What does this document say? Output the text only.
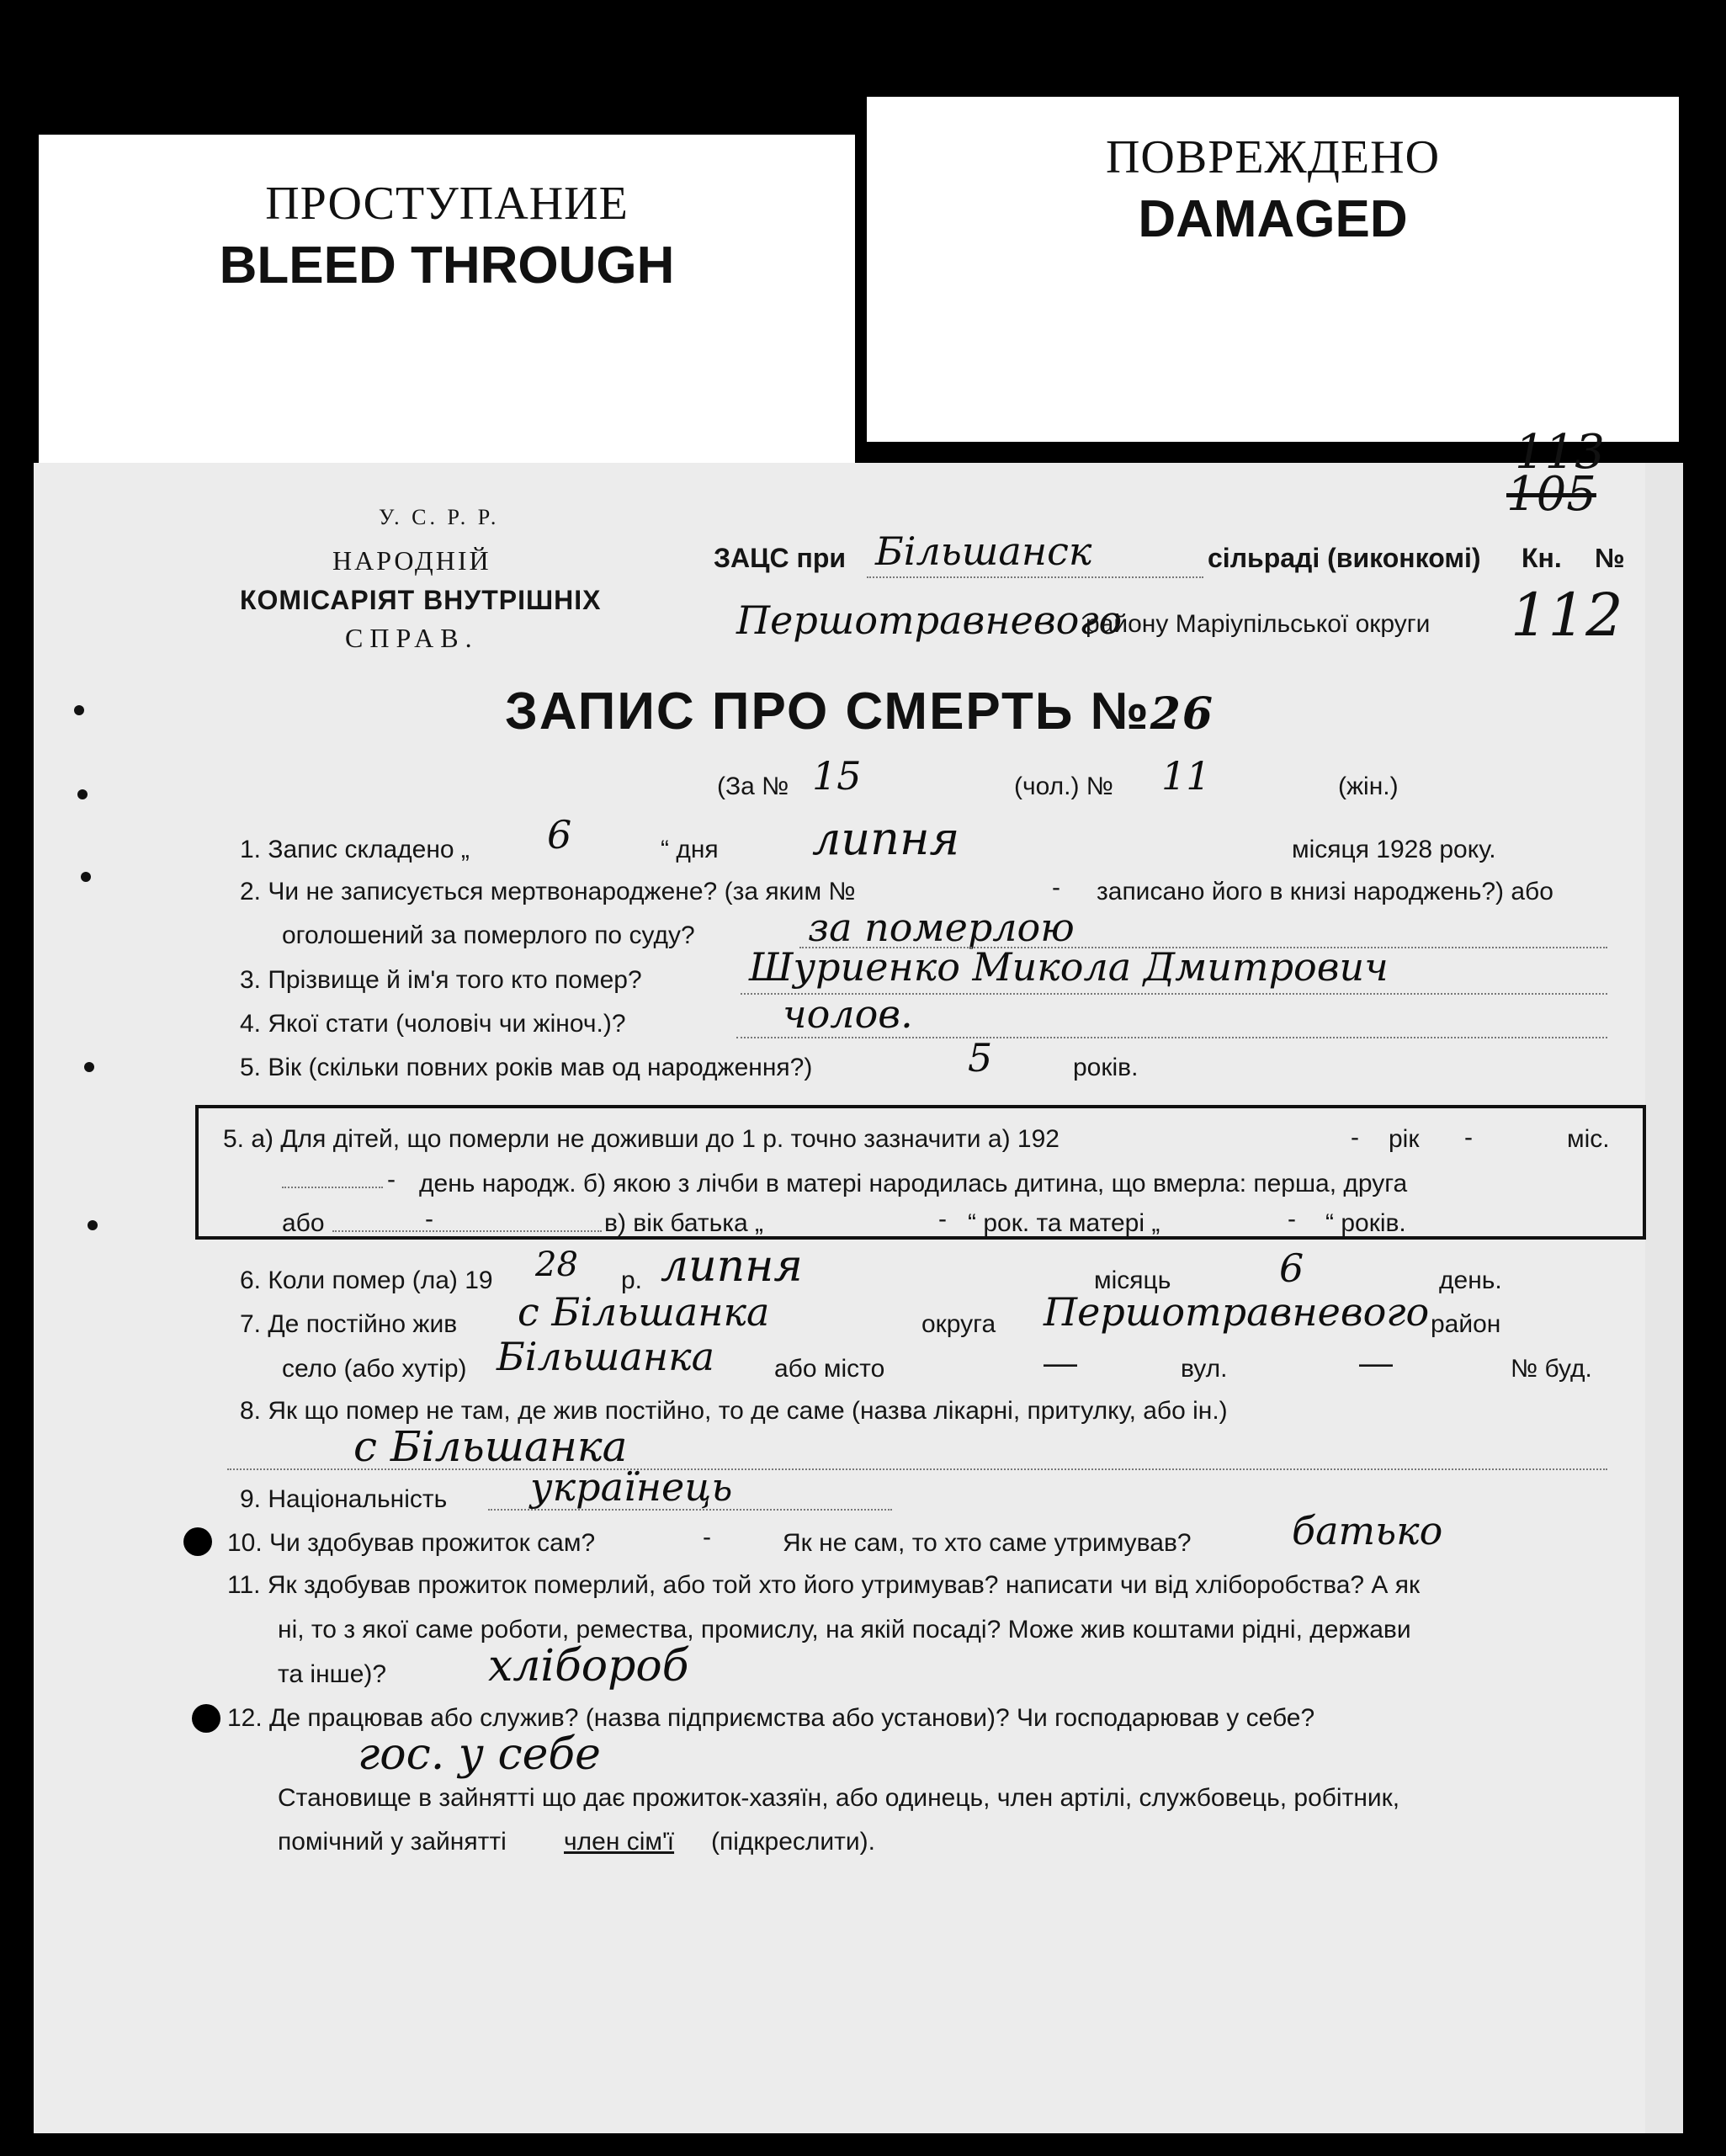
ПРОСТУПАНИЕ
BLEED THROUGH
ПОВРЕЖДЕНО
DAMAGED
113
105
112
У. С. Р. Р.
НАРОДНІЙ
КОМІСАРІЯТ ВНУТРІШНІХ
СПРАВ.
ЗАЦС при Бiльшанск	сільраді (виконкомі) Кн. №
Першотравневого
району Маріупільської округи
ЗАПИС ПРО СМЕРТЬ №26
(За № 15	(чол.) № 11	(жін.)
1. Запис складено „ 6	“ дня липня	місяця 1928 року.
2. Чи не записується мертвонароджене? (за яким №	- записано його в книзі народжень?) або
оголошений за померлого по суду?	за померлою
3. Прізвище й ім'я того кто помер?	Шуриенко Микола Дмитрович
4. Якої стати (чоловіч чи жіноч.)?	чолов.
5. Вік (скільки повних років мав од народження?)	5	років.
5. а) Для дітей, що померли не доживши до 1 р. точно зазначити а) 192	- рік -	міс.
- день народж. б) якою з лічби в матері народилась дитина, що вмерла: перша, друга
або	-	в) вік батька „	- “ рок. та матері „	- “ років.
6. Коли помер (ла) 19 28 р. липня	місяць	6	день.
7. Де постійно жив с Бiльшанка	округа Першотравневого район
село (або хутір) Бiльшанка або місто	—	вул.	—	№ буд.
8. Як що помер не там, де жив постійно, то де саме (назва лікарні, притулку, або ін.)
с Бiльшанка
9. Національність українець
10. Чи здобував прожиток сам?	-	Як не сам, то хто саме утримував?	батько
11. Як здобував прожиток померлий, або той хто його утримував? написати чи від хліборобства? А як
ні, то з якої саме роботи, ремества, промислу, на якій посаді? Може жив коштами рідні, держави
та інше)? хлібороб
12. Де працював або служив? (назва підприємства або установи)? Чи господарював у себе?
гос. у себе
Становище в зайнятті що дає прожиток-хазяїн, або одинець, член артілі, службовець, робітник,
помічний у зайнятті член сім'ї (підкреслити).
